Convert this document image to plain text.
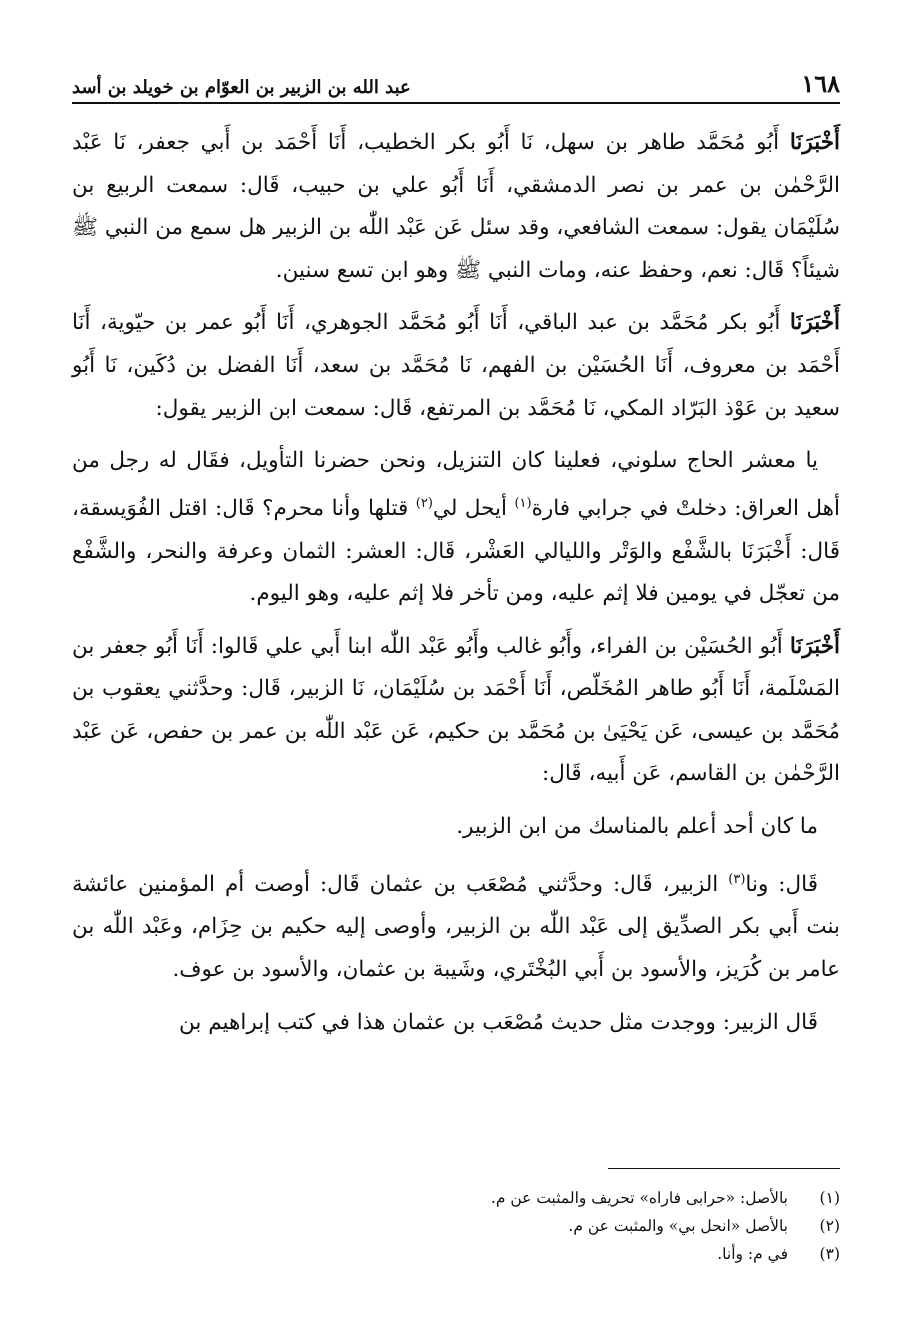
١٦٨
عبد الله بن الزبير بن العوّام بن خويلد بن أسد

أَخْبَرَنَا أَبُو مُحَمَّد طاهر بن سهل، نَا أَبُو بكر الخطيب، أَنَا أَحْمَد بن أَبي جعفر، نَا عَبْد الرَّحْمٰن بن عمر بن نصر الدمشقي، أَنَا أَبُو علي بن حبيب، قَال: سمعت الربيع بن سُلَيْمَان يقول: سمعت الشافعي، وقد سئل عَن عَبْد اللّٰه بن الزبير هل سمع من النبي ﷺ شيئاً؟ قَال: نعم، وحفظ عنه، ومات النبي ﷺ وهو ابن تسع سنين.

أَخْبَرَنَا أَبُو بكر مُحَمَّد بن عبد الباقي، أَنَا أَبُو مُحَمَّد الجوهري، أَنَا أَبُو عمر بن حيّوية، أَنَا أَحْمَد بن معروف، أَنَا الحُسَيْن بن الفهم، نَا مُحَمَّد بن سعد، أَنَا الفضل بن دُكَين، نَا أَبُو سعيد بن عَوْذ البَرّاد المكي، نَا مُحَمَّد بن المرتفع، قَال: سمعت ابن الزبير يقول:

يا معشر الحاج سلوني، فعلينا كان التنزيل، ونحن حضرنا التأويل، فقَال له رجل من أهل العراق: دخلتْ في جرابي فارة$^{(١)}$ أيحل لي$^{(٢)}$ قتلها وأنا محرم؟ قَال: اقتل الفُوَيسقة، قَال: أَخْبَرَنَا بالشَّفْع والوَتْر والليالي العَشْر، قَال: العشر: الثمان وعرفة والنحر، والشَّفْع من تعجّل في يومين فلا إثم عليه، ومن تأخر فلا إثم عليه، وهو اليوم.

أَخْبَرَنَا أَبُو الحُسَيْن بن الفراء، وأَبُو غالب وأَبُو عَبْد اللّٰه ابنا أَبي علي قَالوا: أَنَا أَبُو جعفر بن المَسْلَمة، أَنَا أَبُو طاهر المُخَلّص، أَنَا أَحْمَد بن سُلَيْمَان، نَا الزبير، قَال: وحدَّثني يعقوب بن مُحَمَّد بن عيسى، عَن يَحْيَىٰ بن مُحَمَّد بن حكيم، عَن عَبْد اللّٰه بن عمر بن حفص، عَن عَبْد الرَّحْمٰن بن القاسم، عَن أَبيه، قَال:

ما كان أحد أعلم بالمناسك من ابن الزبير.

قَال: ونا$^{(٣)}$ الزبير، قَال: وحدَّثني مُصْعَب بن عثمان قَال: أوصت أم المؤمنين عائشة بنت أَبي بكر الصدِّيق إلى عَبْد اللّٰه بن الزبير، وأوصى إليه حكيم بن حِزَام، وعَبْد اللّٰه بن عامر بن كُرَيز، والأسود بن أَبي البُخْتَري، وشَيبة بن عثمان، والأسود بن عوف.

قَال الزبير: ووجدت مثل حديث مُصْعَب بن عثمان هذا في كتب إبراهيم بن

(١)
بالأصل: «حرابى فاراه» تحريف والمثبت عن م.
(٢)
بالأصل «انحل بي» والمثبت عن م.
(٣)
في م: وأنا.
